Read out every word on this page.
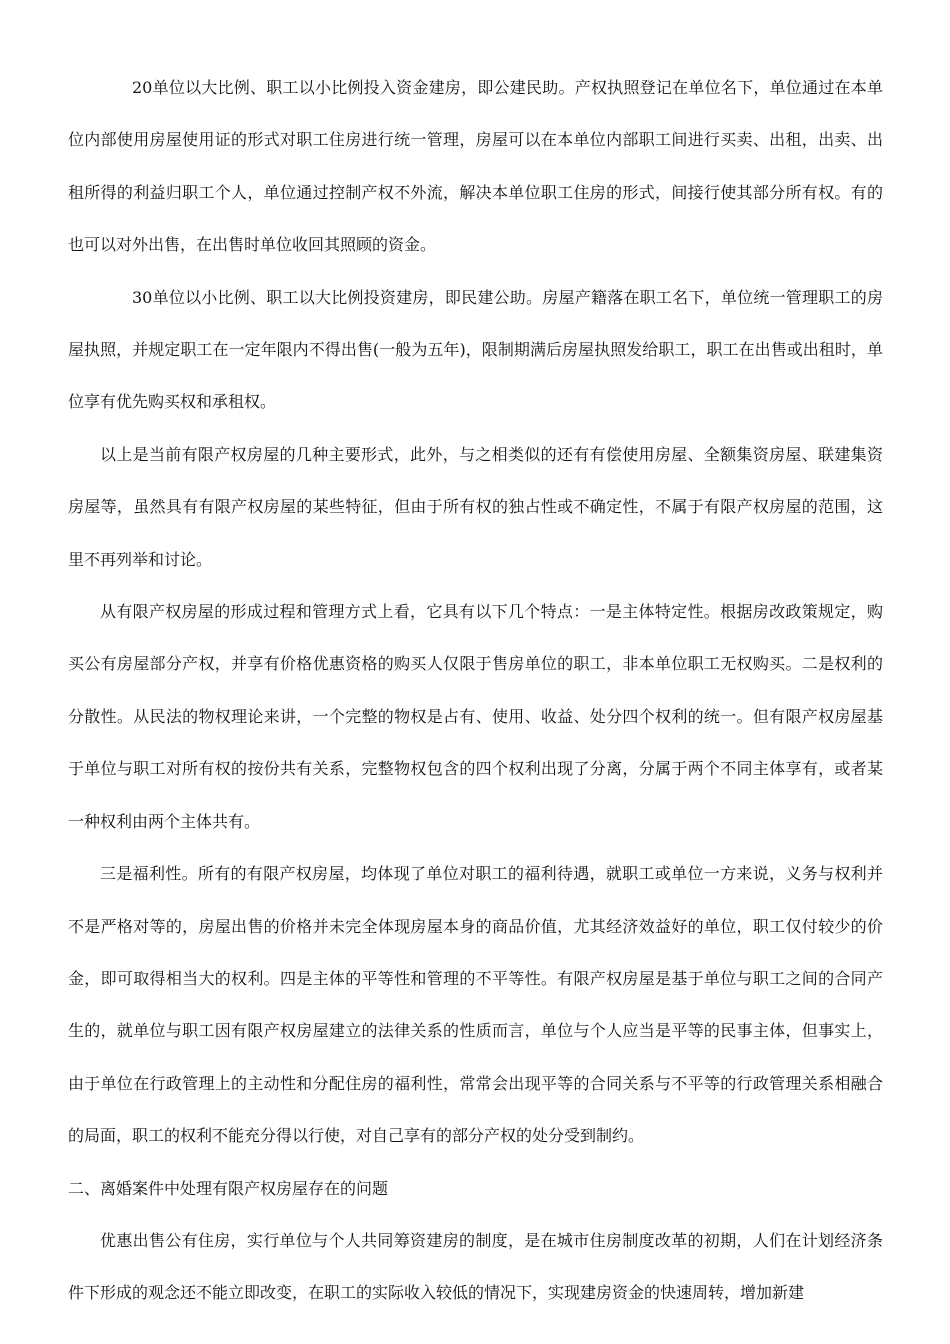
20单位以大比例、职工以小比例投入资金建房，即公建民助。产权执照登记在单位名下，单位通过在本单位内部使用房屋使用证的形式对职工住房进行统一管理，房屋可以在本单位内部职工间进行买卖、出租，出卖、出租所得的利益归职工个人，单位通过控制产权不外流，解决本单位职工住房的形式，间接行使其部分所有权。有的也可以对外出售，在出售时单位收回其照顾的资金。

30单位以小比例、职工以大比例投资建房，即民建公助。房屋产籍落在职工名下，单位统一管理职工的房屋执照，并规定职工在一定年限内不得出售(一般为五年)，限制期满后房屋执照发给职工，职工在出售或出租时，单位享有优先购买权和承租权。

以上是当前有限产权房屋的几种主要形式，此外，与之相类似的还有有偿使用房屋、全额集资房屋、联建集资房屋等，虽然具有有限产权房屋的某些特征，但由于所有权的独占性或不确定性，不属于有限产权房屋的范围，这里不再列举和讨论。

从有限产权房屋的形成过程和管理方式上看，它具有以下几个特点：一是主体特定性。根据房改政策规定，购买公有房屋部分产权，并享有价格优惠资格的购买人仅限于售房单位的职工，非本单位职工无权购买。二是权利的分散性。从民法的物权理论来讲，一个完整的物权是占有、使用、收益、处分四个权利的统一。但有限产权房屋基于单位与职工对所有权的按份共有关系，完整物权包含的四个权利出现了分离，分属于两个不同主体享有，或者某一种权利由两个主体共有。

三是福利性。所有的有限产权房屋，均体现了单位对职工的福利待遇，就职工或单位一方来说，义务与权利并不是严格对等的，房屋出售的价格并未完全体现房屋本身的商品价值，尤其经济效益好的单位，职工仅付较少的价金，即可取得相当大的权利。四是主体的平等性和管理的不平等性。有限产权房屋是基于单位与职工之间的合同产生的，就单位与职工因有限产权房屋建立的法律关系的性质而言，单位与个人应当是平等的民事主体，但事实上，由于单位在行政管理上的主动性和分配住房的福利性，常常会出现平等的合同关系与不平等的行政管理关系相融合的局面，职工的权利不能充分得以行使，对自己享有的部分产权的处分受到制约。

二、离婚案件中处理有限产权房屋存在的问题

优惠出售公有住房，实行单位与个人共同筹资建房的制度，是在城市住房制度改革的初期，人们在计划经济条件下形成的观念还不能立即改变，在职工的实际收入较低的情况下，实现建房资金的快速周转，增加新建
